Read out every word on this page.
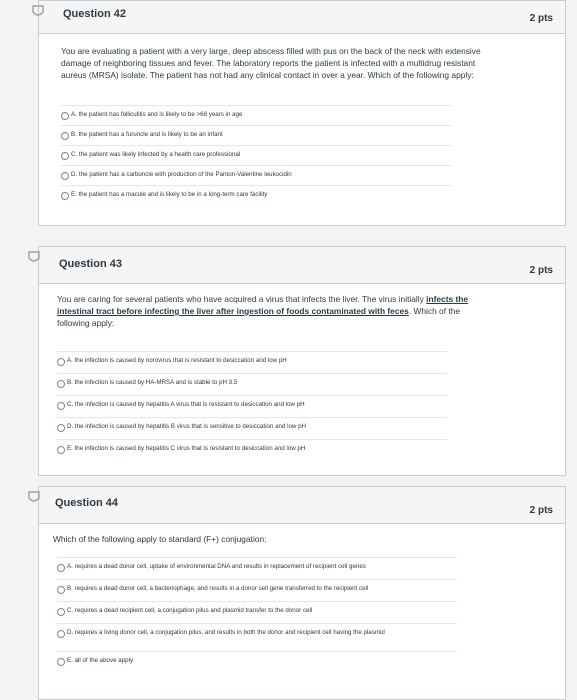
Question 42	2 pts
You are evaluating a patient with a very large, deep abscess filled with pus on the back of the neck with extensive damage of neighboring tissues and fever. The laboratory reports the patient is infected with a multidrug resistant aureus (MRSA) isolate. The patient has not had any clinical contact in over a year. Which of the following apply:
A. the patient has folliculitis and is likely to be >68 years in age
B. the patient has a furuncle and is likely to be an infant
C. the patient was likely infected by a health care professional
D. the patient has a carbuncle with production of the Panton-Valentine leukocidin
E. the patient has a macule and is likely to be in a long-term care facility
Question 43
2 pts
You are caring for several patients who have acquired a virus that infects the liver. The virus initially infects the intestinal tract before infecting the liver after ingestion of foods contaminated with feces. Which of the following apply:
A. the infection is caused by norovirus that is resistant to desiccation and low pH
B. the infection is caused by HA-MRSA and is stable to pH 3.5
C. the infection is caused by hepatitis A virus that is resistant to desiccation and low pH
D. the infection is caused by hepatitis B virus that is sensitive to desiccation and low pH
E. the infection is caused by hepatitis C virus that is resistant to desiccation and low pH
Question 44
2 pts
Which of the following apply to standard (F+) conjugation:
A. requires a dead donor cell, uptake of environmental DNA and results in replacement of recipient cell genes
B. requires a dead donor cell, a bacteriophage, and results in a donor cell gene transferred to the recipient cell
C. requires a dead recipient cell, a conjugation pilus and plasmid transfer to the donor cell
D. requires a living donor cell, a conjugation pilus, and results in both the donor and recipient cell having the plasmid
E. all of the above apply
